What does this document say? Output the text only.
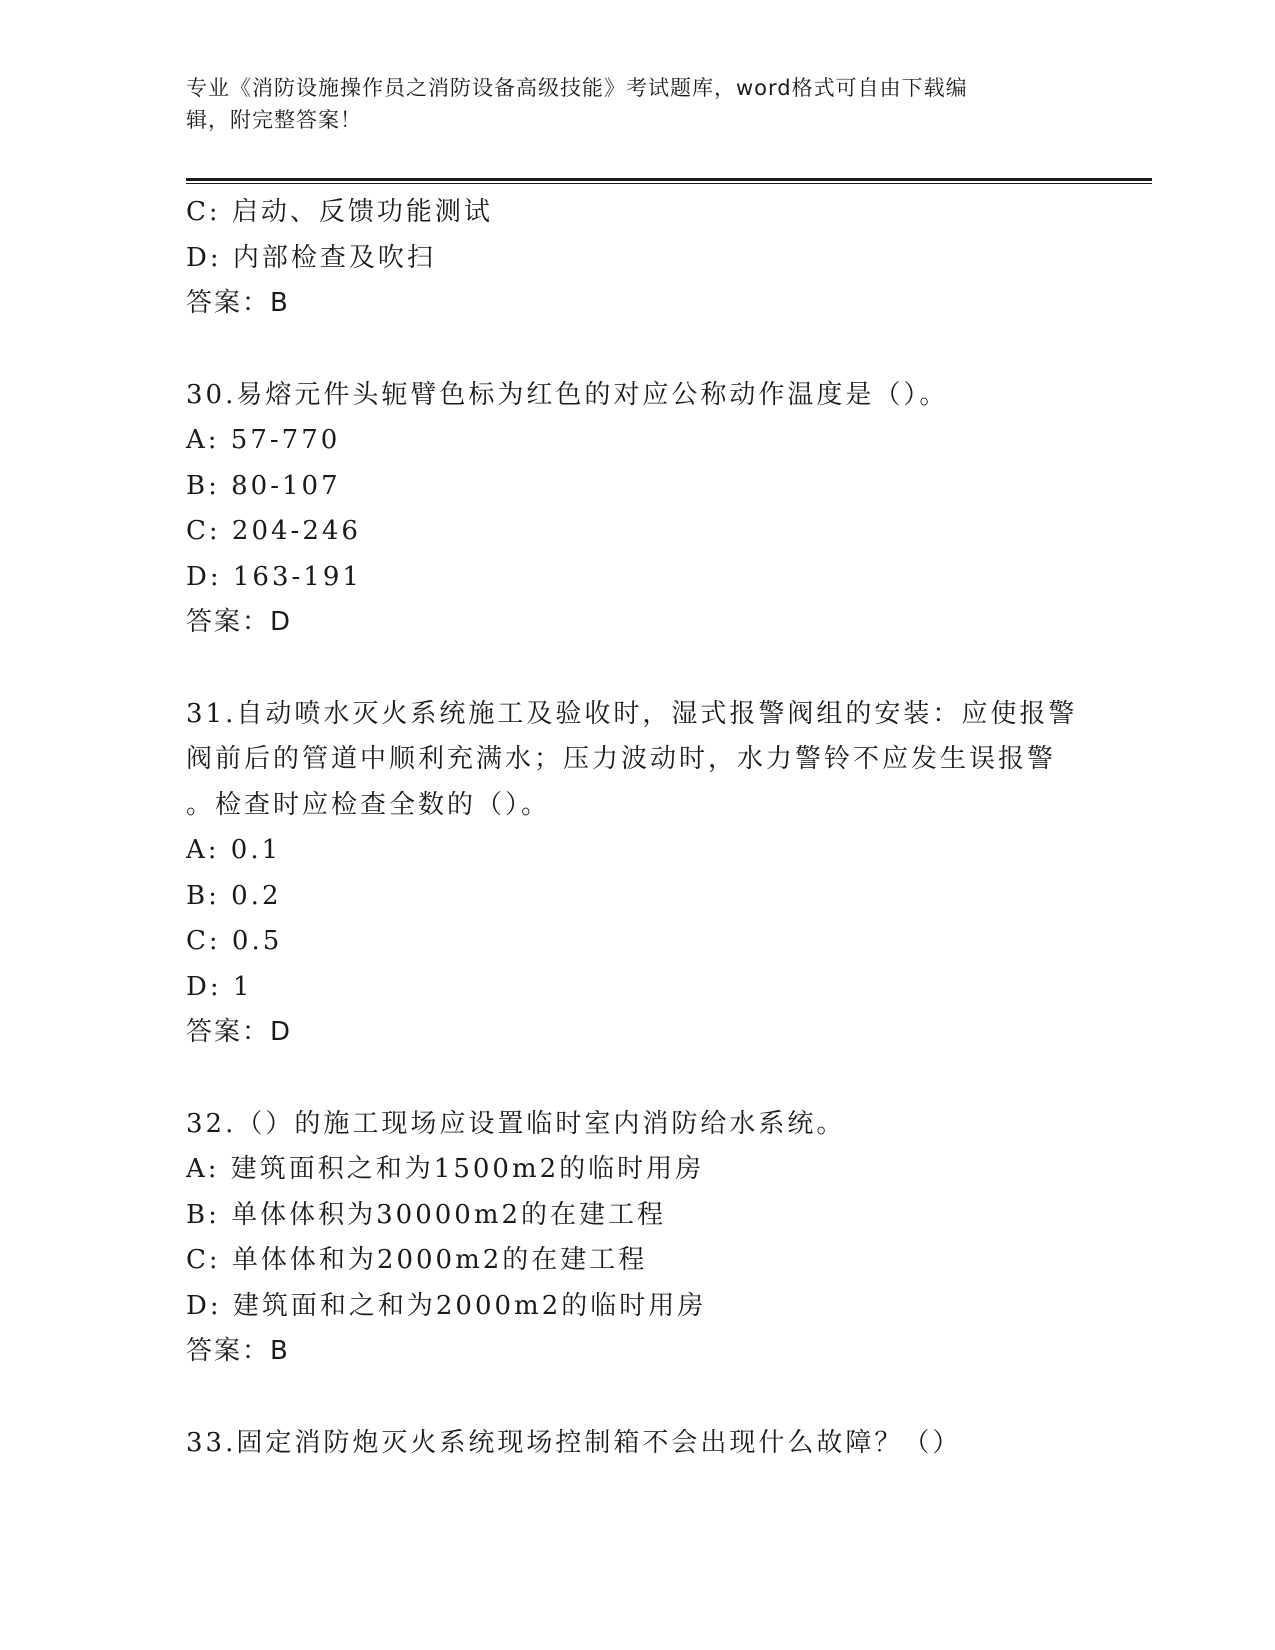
专业《消防设施操作员之消防设备高级技能》考试题库，word格式可自由下载编
辑，附完整答案！
C: 启动、反馈功能测试
D: 内部检查及吹扫
答案：B
30.易熔元件头轭臂色标为红色的对应公称动作温度是（）。
A: 57-770
B: 80-107
C: 204-246
D: 163-191
答案：D
31.自动喷水灭火系统施工及验收时，湿式报警阀组的安装：应使报警
阀前后的管道中顺利充满水；压力波动时，水力警铃不应发生误报警
。检查时应检查全数的（）。
A: 0.1
B: 0.2
C: 0.5
D: 1
答案：D
32.（）的施工现场应设置临时室内消防给水系统。
A: 建筑面积之和为1500m2的临时用房
B: 单体体积为30000m2的在建工程
C: 单体体和为2000m2的在建工程
D: 建筑面和之和为2000m2的临时用房
答案：B
33.固定消防炮灭火系统现场控制箱不会出现什么故障？（）
